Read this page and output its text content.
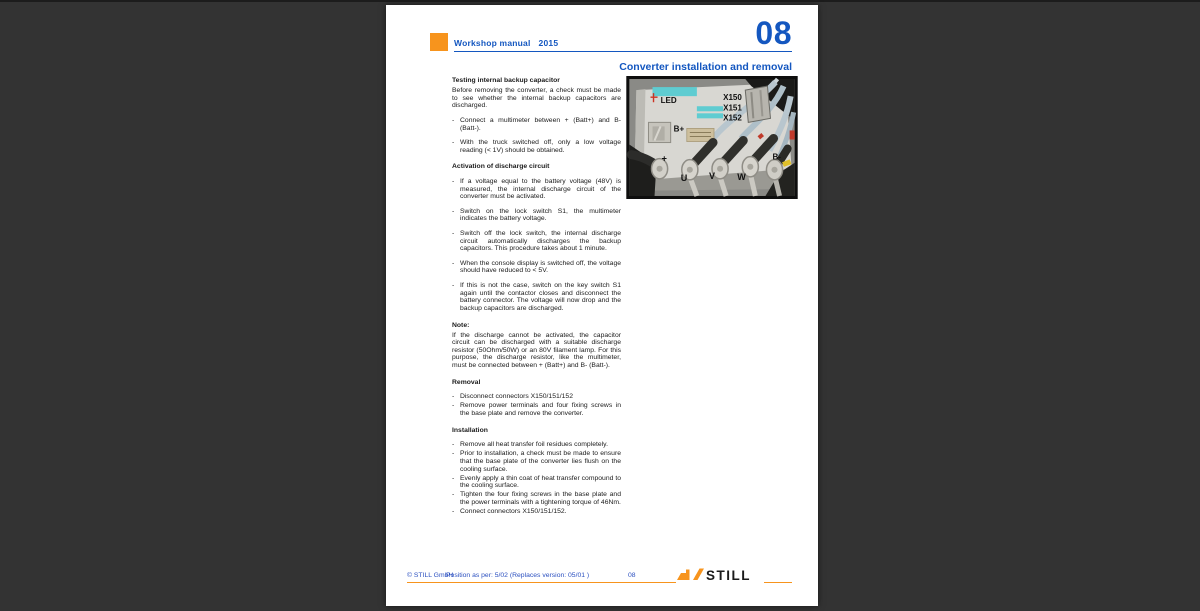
Workshop manual 2015	08
Converter installation and removal
Testing internal backup capacitor
Before removing the converter, a check must be made to see whether the internal backup capacitors are discharged.
- Connect a multimeter between + (Batt+) and B- (Batt-).
- With the truck switched off, only a low voltage reading (< 1V) should be obtained.
Activation of discharge circuit
- If a voltage equal to the battery voltage (48V) is measured, the internal discharge circuit of the converter must be activated.
- Switch on the lock switch S1, the multimeter indicates the battery voltage.
- Switch off the lock switch, the internal discharge circuit automatically discharges the backup capacitors. This procedure takes about 1 minute.
- When the console display is switched off, the voltage should have reduced to < 5V.
- If this is not the case, switch on the key switch S1 again until the contactor closes and disconnect the battery connector. The voltage will now drop and the backup capacitors are discharged.
Note:
If the discharge cannot be activated, the capacitor circuit can be discharged with a suitable discharge resistor (50Ohm/50W) or an 80V filament lamp. For this purpose, the discharge resistor, like the multimeter, must be connected between + (Batt+) and B- (Batt-).
Removal
- Disconnect connectors X150/151/152
- Remove power terminals and four fixing screws in the base plate and remove the converter.
Installation
- Remove all heat transfer foil residues completely.
- Prior to installation, a check must be made to ensure that the base plate of the converter lies flush on the cooling surface.
- Evenly apply a thin coat of heat transfer compound to the cooling surface.
- Tighten the four fixing screws in the base plate and the power terminals with a tightening torque of 46Nm.
- Connect connectors X150/151/152.
LED	X150
X151
X152
B+
+
U V W
B-
© STILL GmbH
Position as per: 5/02 (Replaces version: 05/01 )	08	STILL
